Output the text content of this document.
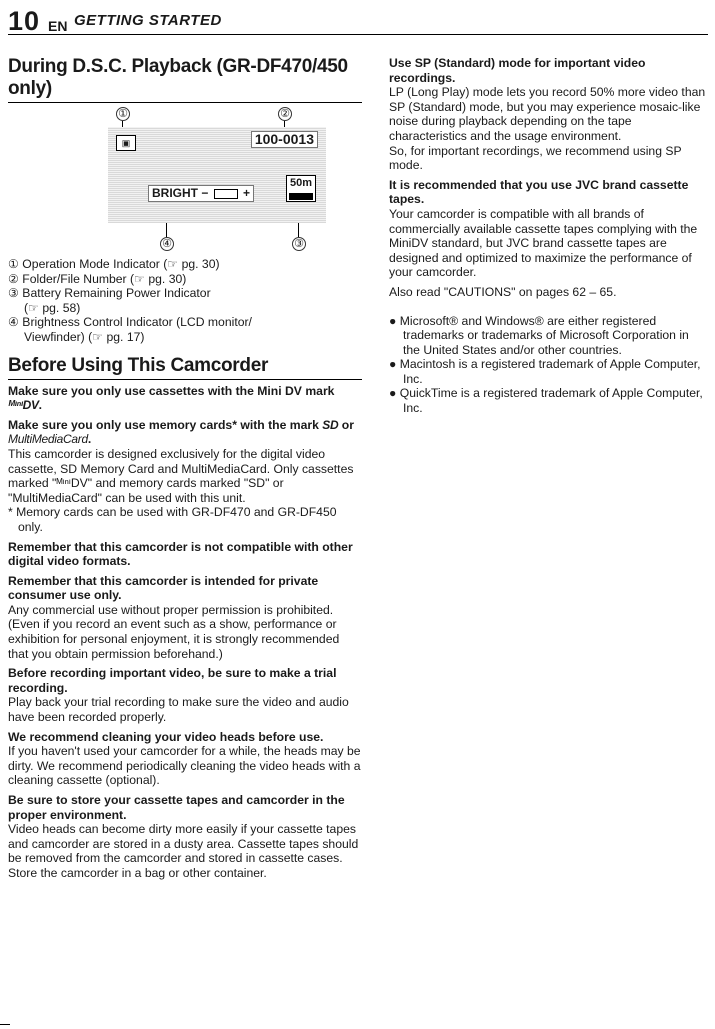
10 EN GETTING STARTED
During D.S.C. Playback (GR-DF470/450
only)
①	②
▣	100-0013
BRIGHT −  +
50m
④	③

① Operation Mode Indicator (☞ pg. 30)

② Folder/File Number (☞ pg. 30)

③ Battery Remaining Power Indicator

(☞ pg. 58)

④ Brightness Control Indicator (LCD monitor/

Viewfinder) (☞ pg. 17)

Before Using This Camcorder

Make sure you only use cassettes with the Mini DV mark ᴹᶦⁿᶦDV.

Make sure you only use memory cards* with the mark SD or MultiMediaCard.

This camcorder is designed exclusively for the digital video cassette, SD Memory Card and MultiMediaCard. Only cassettes marked "ᴹᶦⁿᶦDV" and memory cards marked "SD" or "MultiMediaCard" can be used with this unit.

* Memory cards can be used with GR-DF470 and GR-DF450 only.

Remember that this camcorder is not compatible with other digital video formats.

Remember that this camcorder is intended for private consumer use only.

Any commercial use without proper permission is prohibited. (Even if you record an event such as a show, performance or exhibition for personal enjoyment, it is strongly recommended that you obtain permission beforehand.)

Before recording important video, be sure to make a trial recording.

Play back your trial recording to make sure the video and audio have been recorded properly.

We recommend cleaning your video heads before use.

If you haven't used your camcorder for a while, the heads may be dirty. We recommend periodically cleaning the video heads with a cleaning cassette (optional).

Be sure to store your cassette tapes and camcorder in the proper environment.

Video heads can become dirty more easily if your cassette tapes and camcorder are stored in a dusty area. Cassette tapes should be removed from the camcorder and stored in cassette cases. Store the camcorder in a bag or other container.

Use SP (Standard) mode for important video recordings.

LP (Long Play) mode lets you record 50% more video than SP (Standard) mode, but you may experience mosaic-like noise during playback depending on the tape characteristics and the usage environment.

So, for important recordings, we recommend using SP mode.

It is recommended that you use JVC brand cassette tapes.

Your camcorder is compatible with all brands of commercially available cassette tapes complying with the MiniDV standard, but JVC brand cassette tapes are designed and optimized to maximize the performance of your camcorder.

Also read "CAUTIONS" on pages 62 – 65.

● Microsoft® and Windows® are either registered trademarks or trademarks of Microsoft Corporation in the United States and/or other countries.

● Macintosh is a registered trademark of Apple Computer, Inc.

● QuickTime is a registered trademark of Apple Computer, Inc.
